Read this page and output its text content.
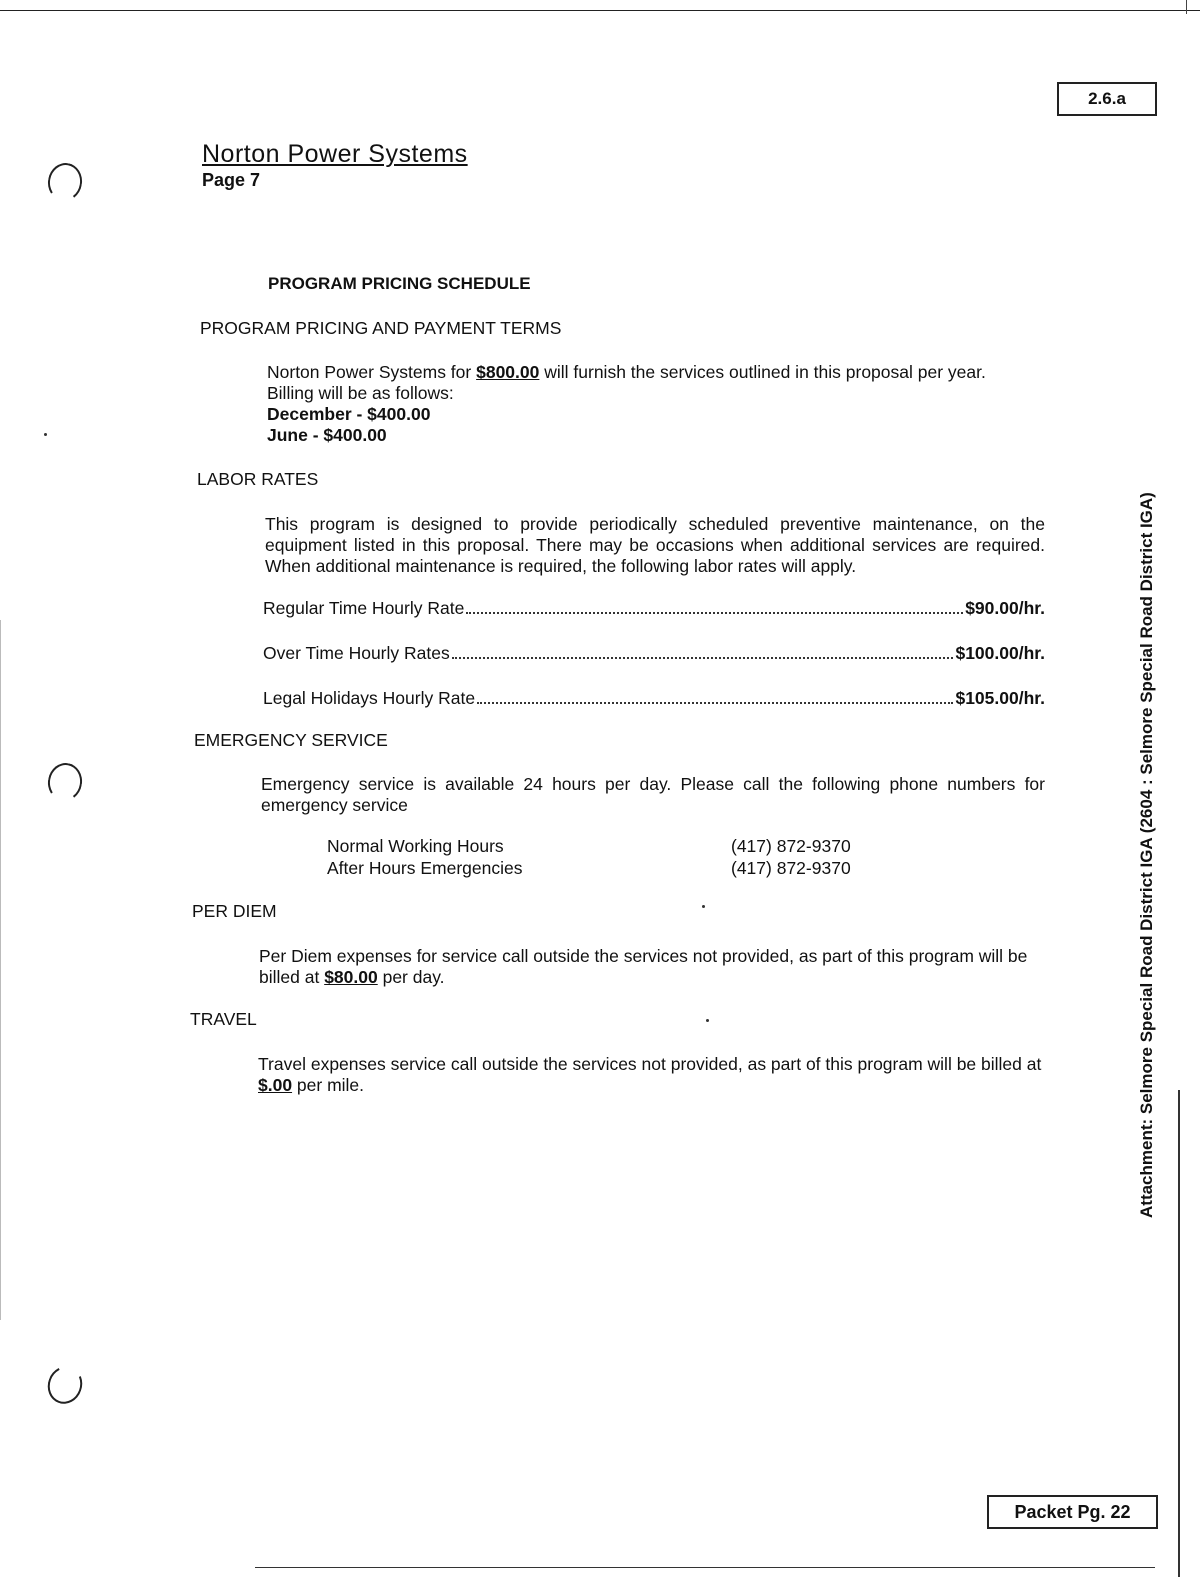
2.6.a
Norton Power Systems
Page 7
PROGRAM PRICING SCHEDULE
PROGRAM PRICING AND PAYMENT TERMS
Norton Power Systems for $800.00 will furnish the services outlined in this proposal per year.
Billing will be as follows:
December - $400.00
June - $400.00
LABOR RATES
This program is designed to provide periodically scheduled preventive maintenance, on the equipment listed in this proposal. There may be occasions when additional services are required. When additional maintenance is required, the following labor rates will apply.
Regular Time Hourly Rate	$90.00/hr.
Over Time Hourly Rates	$100.00/hr.
Legal Holidays Hourly Rate	$105.00/hr.
EMERGENCY SERVICE
Emergency service is available 24 hours per day. Please call the following phone numbers for emergency service
Normal Working Hours	(417) 872-9370
After Hours Emergencies	(417) 872-9370
PER DIEM
Per Diem expenses for service call outside the services not provided, as part of this program will be billed at $80.00 per day.
TRAVEL
Travel expenses service call outside the services not provided, as part of this program will be billed at $.00 per mile.	Attachment: Selmore Special Road District IGA (2604 : Selmore Special Road District IGA)
Packet Pg. 22
